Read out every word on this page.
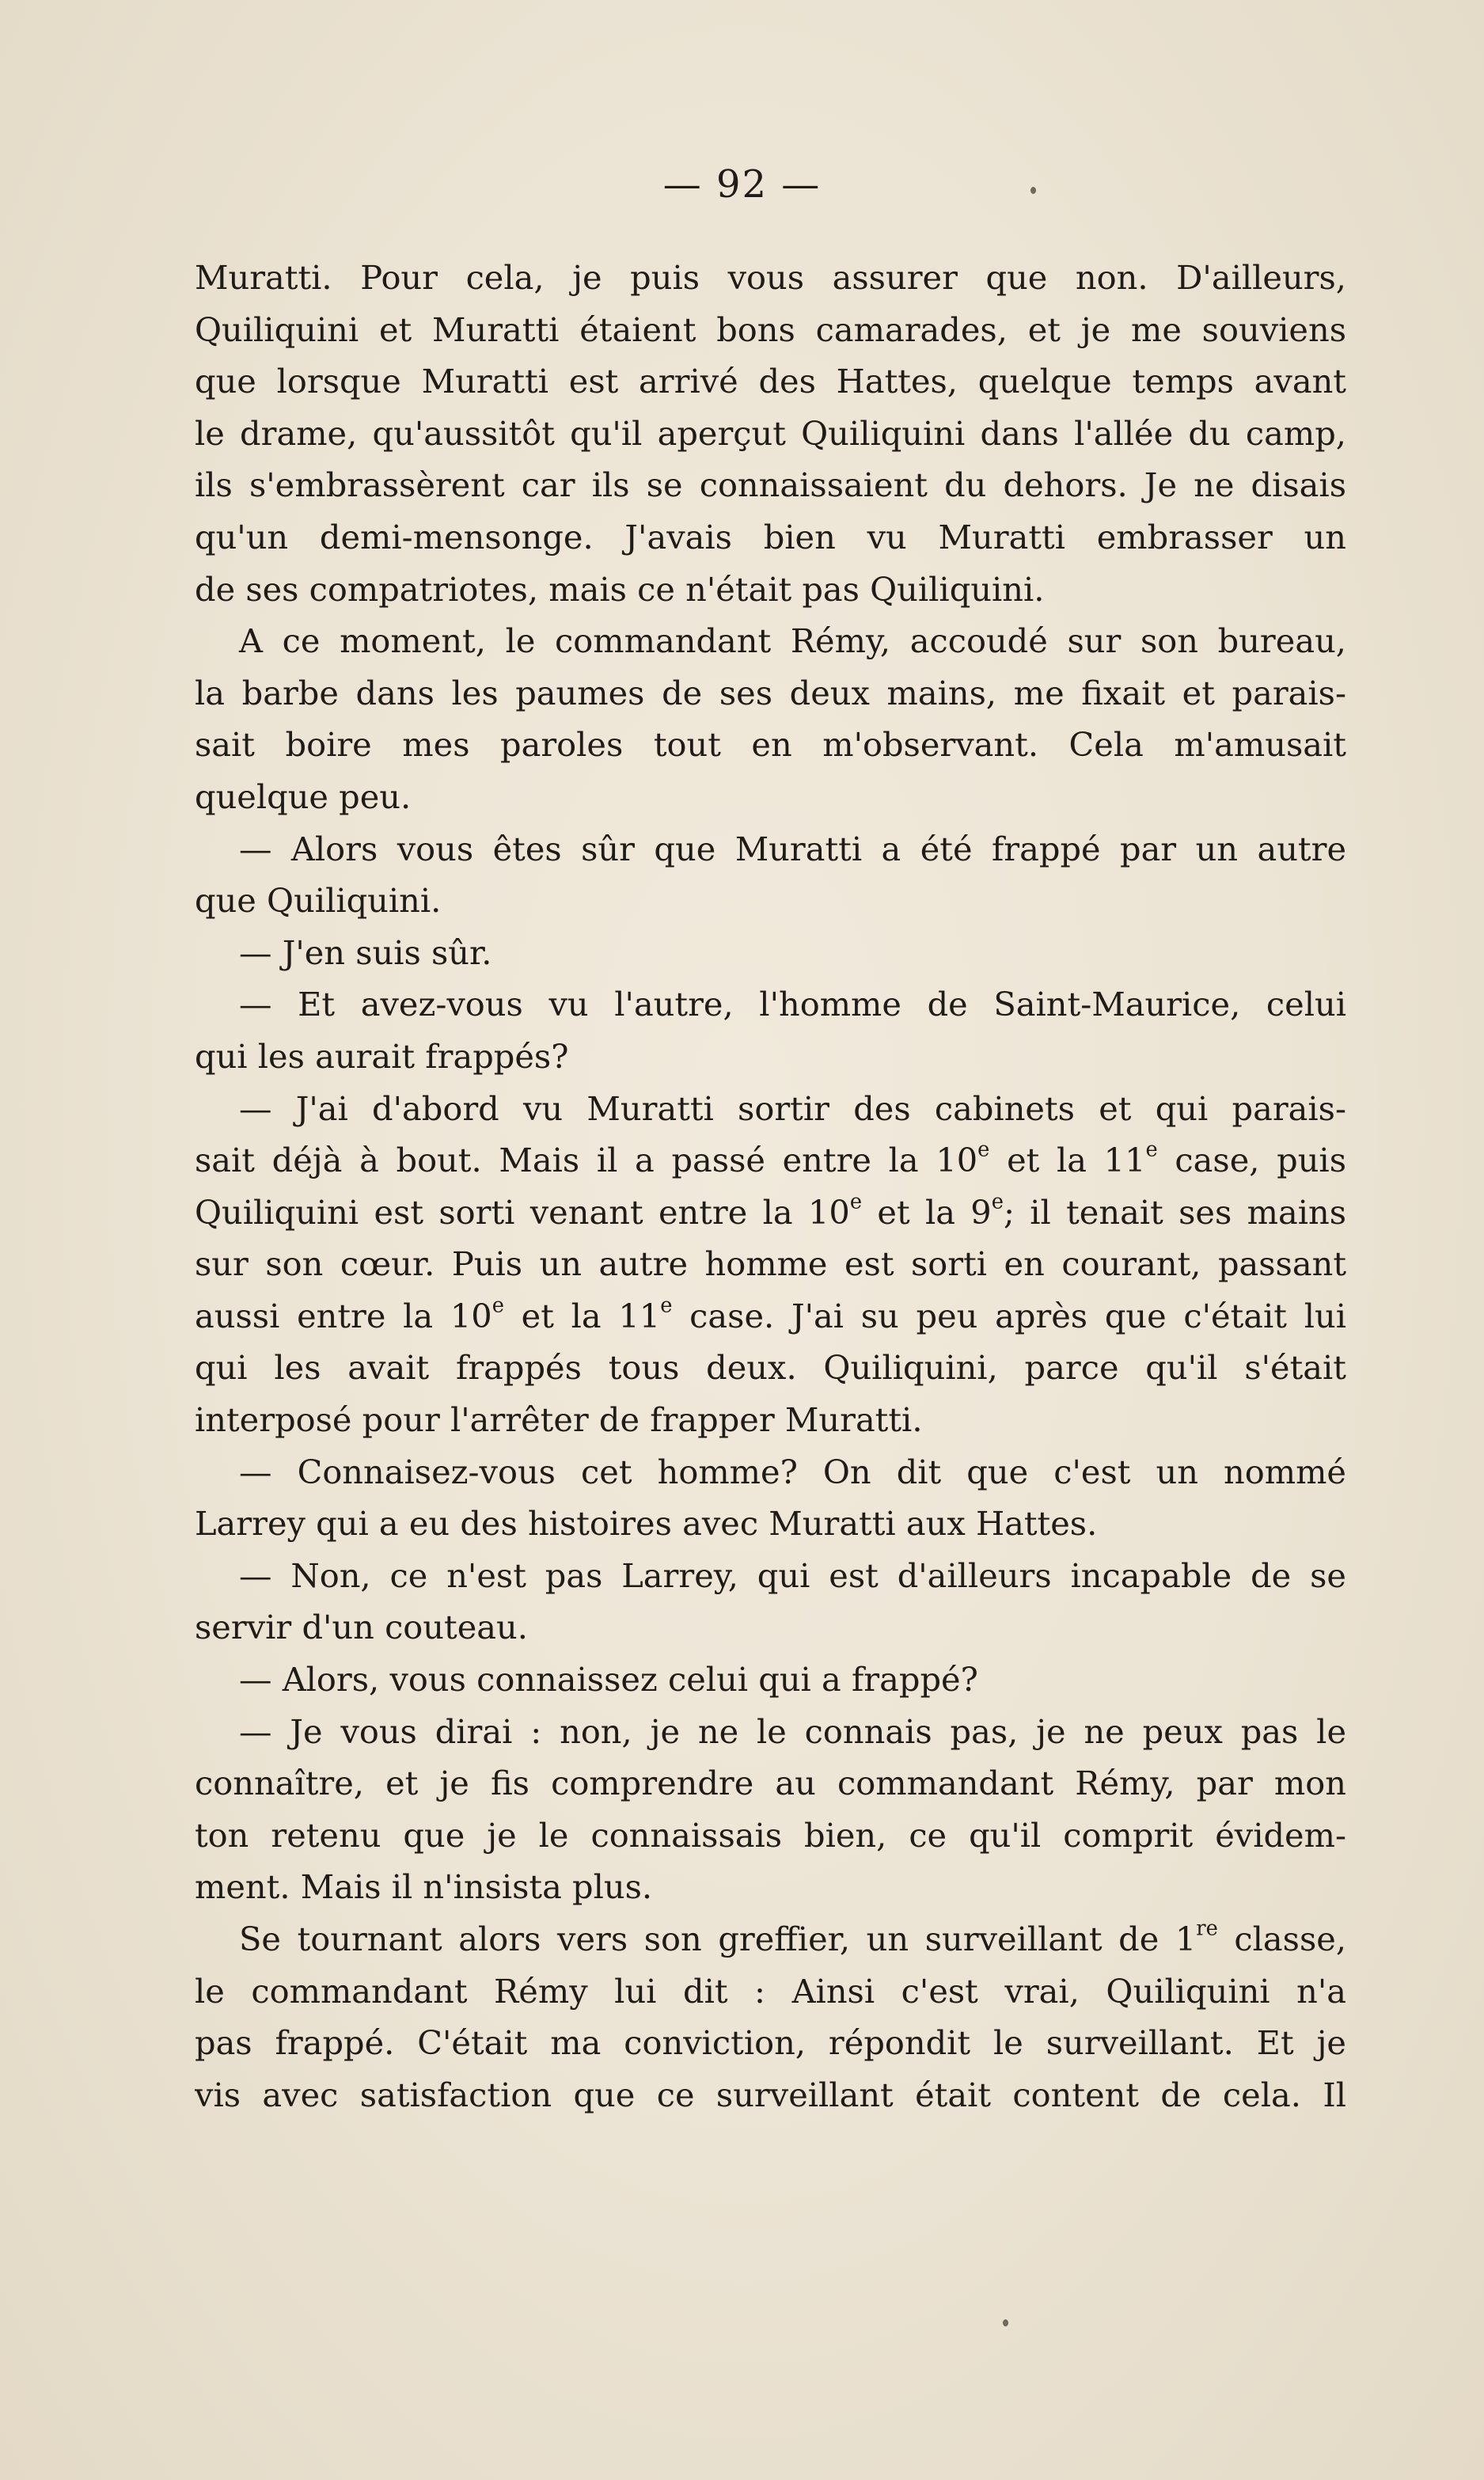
— 92 —
Muratti. Pour cela, je puis vous assurer que non. D'ailleurs,
Quiliquini et Muratti étaient bons camarades, et je me souviens
que lorsque Muratti est arrivé des Hattes, quelque temps avant
le drame, qu'aussitôt qu'il aperçut Quiliquini dans l'allée du camp,
ils s'embrassèrent car ils se connaissaient du dehors. Je ne disais
qu'un demi-mensonge. J'avais bien vu Muratti embrasser un
de ses compatriotes, mais ce n'était pas Quiliquini.
A ce moment, le commandant Rémy, accoudé sur son bureau,
la barbe dans les paumes de ses deux mains, me fixait et parais-
sait boire mes paroles tout en m'observant. Cela m'amusait
quelque peu.
— Alors vous êtes sûr que Muratti a été frappé par un autre
que Quiliquini.
— J'en suis sûr.
— Et avez-vous vu l'autre, l'homme de Saint-Maurice, celui
qui les aurait frappés?
— J'ai d'abord vu Muratti sortir des cabinets et qui parais-
sait déjà à bout. Mais il a passé entre la 10e et la 11e case, puis
Quiliquini est sorti venant entre la 10e et la 9e; il tenait ses mains
sur son cœur. Puis un autre homme est sorti en courant, passant
aussi entre la 10e et la 11e case. J'ai su peu après que c'était lui
qui les avait frappés tous deux. Quiliquini, parce qu'il s'était
interposé pour l'arrêter de frapper Muratti.
— Connaisez-vous cet homme? On dit que c'est un nommé
Larrey qui a eu des histoires avec Muratti aux Hattes.
— Non, ce n'est pas Larrey, qui est d'ailleurs incapable de se
servir d'un couteau.
— Alors, vous connaissez celui qui a frappé?
— Je vous dirai : non, je ne le connais pas, je ne peux pas le
connaître, et je fis comprendre au commandant Rémy, par mon
ton retenu que je le connaissais bien, ce qu'il comprit évidem-
ment. Mais il n'insista plus.
Se tournant alors vers son greffier, un surveillant de 1re classe,
le commandant Rémy lui dit : Ainsi c'est vrai, Quiliquini n'a
pas frappé. C'était ma conviction, répondit le surveillant. Et je
vis avec satisfaction que ce surveillant était content de cela. Il
